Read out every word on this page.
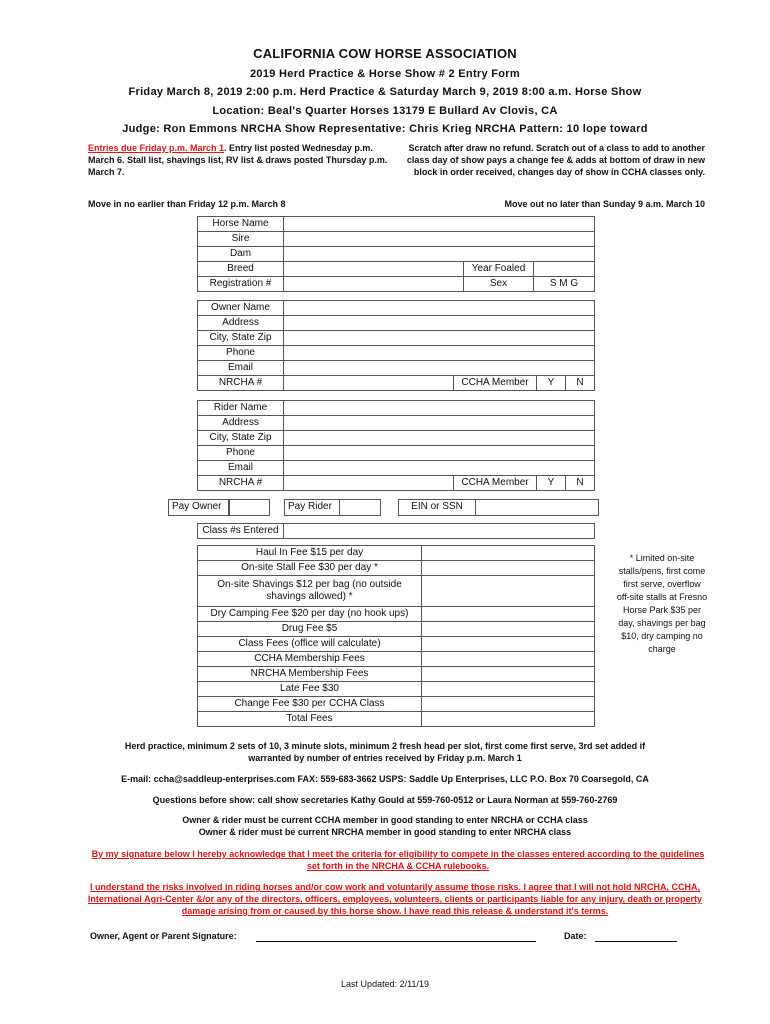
CALIFORNIA COW HORSE ASSOCIATION
2019 Herd Practice & Horse Show # 2 Entry Form
Friday March 8, 2019 2:00 p.m. Herd Practice & Saturday March 9, 2019 8:00 a.m. Horse Show
Location: Beal's Quarter Horses 13179 E Bullard Av Clovis, CA
Judge: Ron Emmons NRCHA Show Representative: Chris Krieg NRCHA Pattern: 10 lope toward
Entries due Friday p.m. March 1. Entry list posted Wednesday p.m. March 6. Stall list, shavings list, RV list & draws posted Thursday p.m. March 7.
Scratch after draw no refund. Scratch out of a class to add to another class day of show pays a change fee & adds at bottom of draw in new block in order received, changes day of show in CCHA classes only.
Move in no earlier than Friday 12 p.m. March 8	Move out no later than Sunday 9 a.m. March 10
Horse Name			
Sire			
Dam			
Breed		Year Foaled	
Registration #		Sex	S M G
Owner Name				
Address				
City, State Zip				
Phone				
Email				
NRCHA #		CCHA Member	Y	N
Rider Name				
Address				
City, State Zip				
Phone				
Email				
NRCHA #		CCHA Member	Y	N
Pay Owner	Pay Rider	EIN or SSN
Class #s Entered	
Haul In Fee $15 per day	
On-site Stall Fee $30 per day *	
On-site Shavings $12 per bag (no outside shavings allowed) *	
Dry Camping Fee $20 per day (no hook ups)	
Drug Fee $5	
Class Fees (office will calculate)	
CCHA Membership Fees	
NRCHA Membership Fees	
Late Fee $30	
Change Fee $30 per CCHA Class	
Total Fees	
* Limited on-site stalls/pens, first come first serve, overflow off-site stalls at Fresno Horse Park $35 per day, shavings per bag $10, dry camping no charge
Herd practice, minimum 2 sets of 10, 3 minute slots, minimum 2 fresh head per slot, first come first serve, 3rd set added if warranted by number of entries received by Friday p.m. March 1
E-mail: ccha@saddleup-enterprises.com FAX: 559-683-3662 USPS: Saddle Up Enterprises, LLC P.O. Box 70 Coarsegold, CA
Questions before show: call show secretaries Kathy Gould at 559-760-0512 or Laura Norman at 559-760-2769
Owner & rider must be current CCHA member in good standing to enter NRCHA or CCHA class
Owner & rider must be current NRCHA member in good standing to enter NRCHA class
By my signature below I hereby acknowledge that I meet the criteria for eligibility to compete in the classes entered according to the guidelines set forth in the NRCHA & CCHA rulebooks.
I understand the risks involved in riding horses and/or cow work and voluntarily assume those risks. I agree that I will not hold NRCHA, CCHA, International Agri-Center &/or any of the directors, officers, employees, volunteers, clients or participants liable for any injury, death or property damage arising from or caused by this horse show. I have read this release & understand it's terms.
Owner, Agent or Parent Signature:	Date:
Last Updated: 2/11/19
